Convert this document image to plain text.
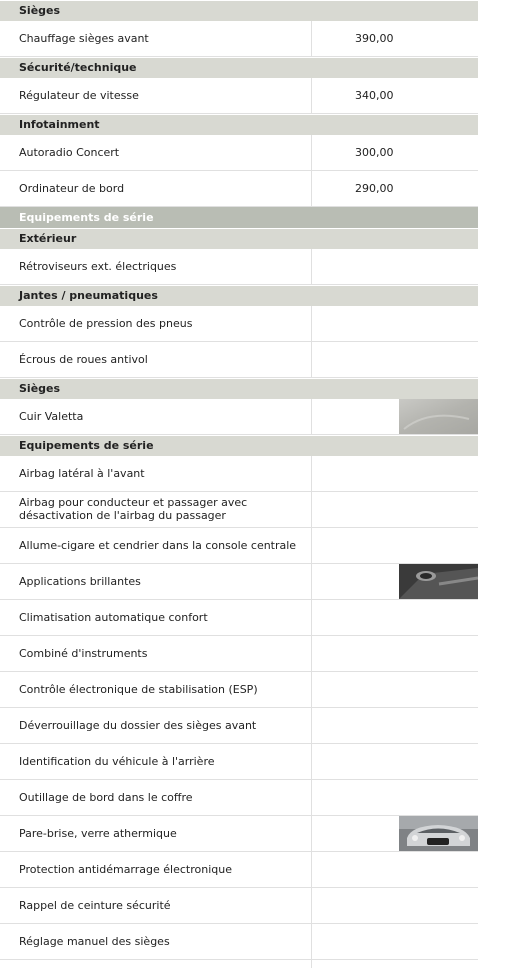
Sièges
Chauffage sièges avant	390,00
Sécurité/technique
Régulateur de vitesse	340,00
Infotainment
Autoradio Concert	300,00
Ordinateur de bord	290,00
Equipements de série
Extérieur
Rétroviseurs ext. électriques
Jantes / pneumatiques
Contrôle de pression des pneus
Écrous de roues antivol
Sièges
Cuir Valetta
Equipements de série
Airbag latéral à l'avant
Airbag pour conducteur et passager avec désactivation de l'airbag du passager
Allume-cigare et cendrier dans la console centrale
Applications brillantes
Climatisation automatique confort
Combiné d'instruments
Contrôle électronique de stabilisation (ESP)
Déverrouillage du dossier des sièges avant
Identification du véhicule à l'arrière
Outillage de bord dans le coffre
Pare-brise, verre athermique
Protection antidémarrage électronique
Rappel de ceinture sécurité
Réglage manuel des sièges
